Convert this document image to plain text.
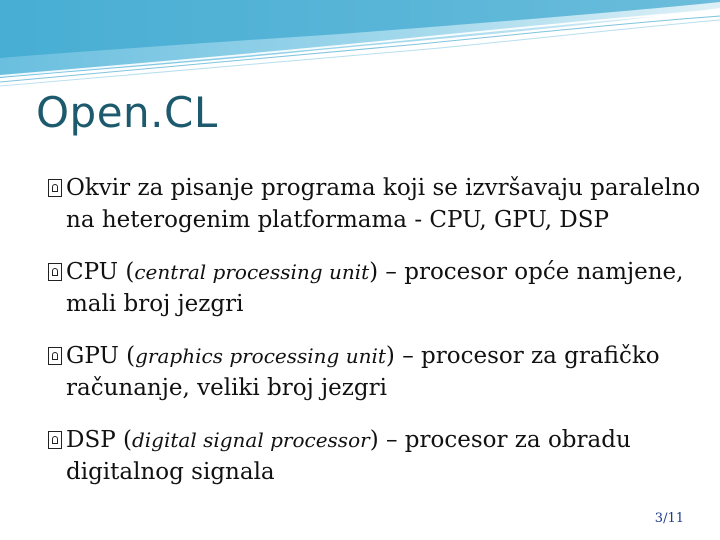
Open.CL
Okvir za pisanje programa koji se izvršavaju paralelno na heterogenim platformama - CPU, GPU, DSP
CPU (central processing unit) – procesor opće namjene, mali broj jezgri
GPU (graphics processing unit) – procesor za grafičko računanje, veliki broj jezgri
DSP (digital signal processor) – procesor za obradu digitalnog signala
3/11
